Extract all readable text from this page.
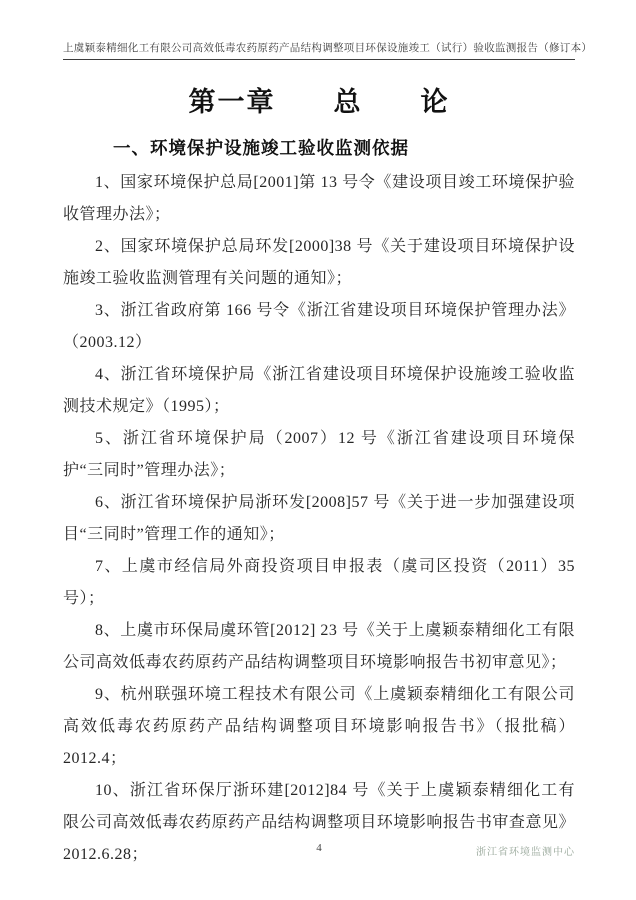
上虞颖泰精细化工有限公司高效低毒农药原药产品结构调整项目环保设施竣工（试行）验收监测报告（修订本）
第一章　　总　　论
一、环境保护设施竣工验收监测依据

1、国家环境保护总局[2001]第 13 号令《建设项目竣工环境保护验收管理办法》；

2、国家环境保护总局环发[2000]38 号《关于建设项目环境保护设施竣工验收监测管理有关问题的通知》；

3、浙江省政府第 166 号令《浙江省建设项目环境保护管理办法》（2003.12）

4、浙江省环境保护局《浙江省建设项目环境保护设施竣工验收监测技术规定》（1995）；

5、浙江省环境保护局（2007）12 号《浙江省建设项目环境保护“三同时”管理办法》；

6、浙江省环境保护局浙环发[2008]57 号《关于进一步加强建设项目“三同时”管理工作的通知》；

7、上虞市经信局外商投资项目申报表（虞司区投资（2011）35 号）；

8、上虞市环保局虞环管[2012] 23 号《关于上虞颖泰精细化工有限公司高效低毒农药原药产品结构调整项目环境影响报告书初审意见》；

9、杭州联强环境工程技术有限公司《上虞颖泰精细化工有限公司高效低毒农药原药产品结构调整项目环境影响报告书》（报批稿）2012.4；

10、浙江省环保厅浙环建[2012]84 号《关于上虞颖泰精细化工有限公司高效低毒农药原药产品结构调整项目环境影响报告书审查意见》2012.6.28；	4	浙江省环境监测中心
